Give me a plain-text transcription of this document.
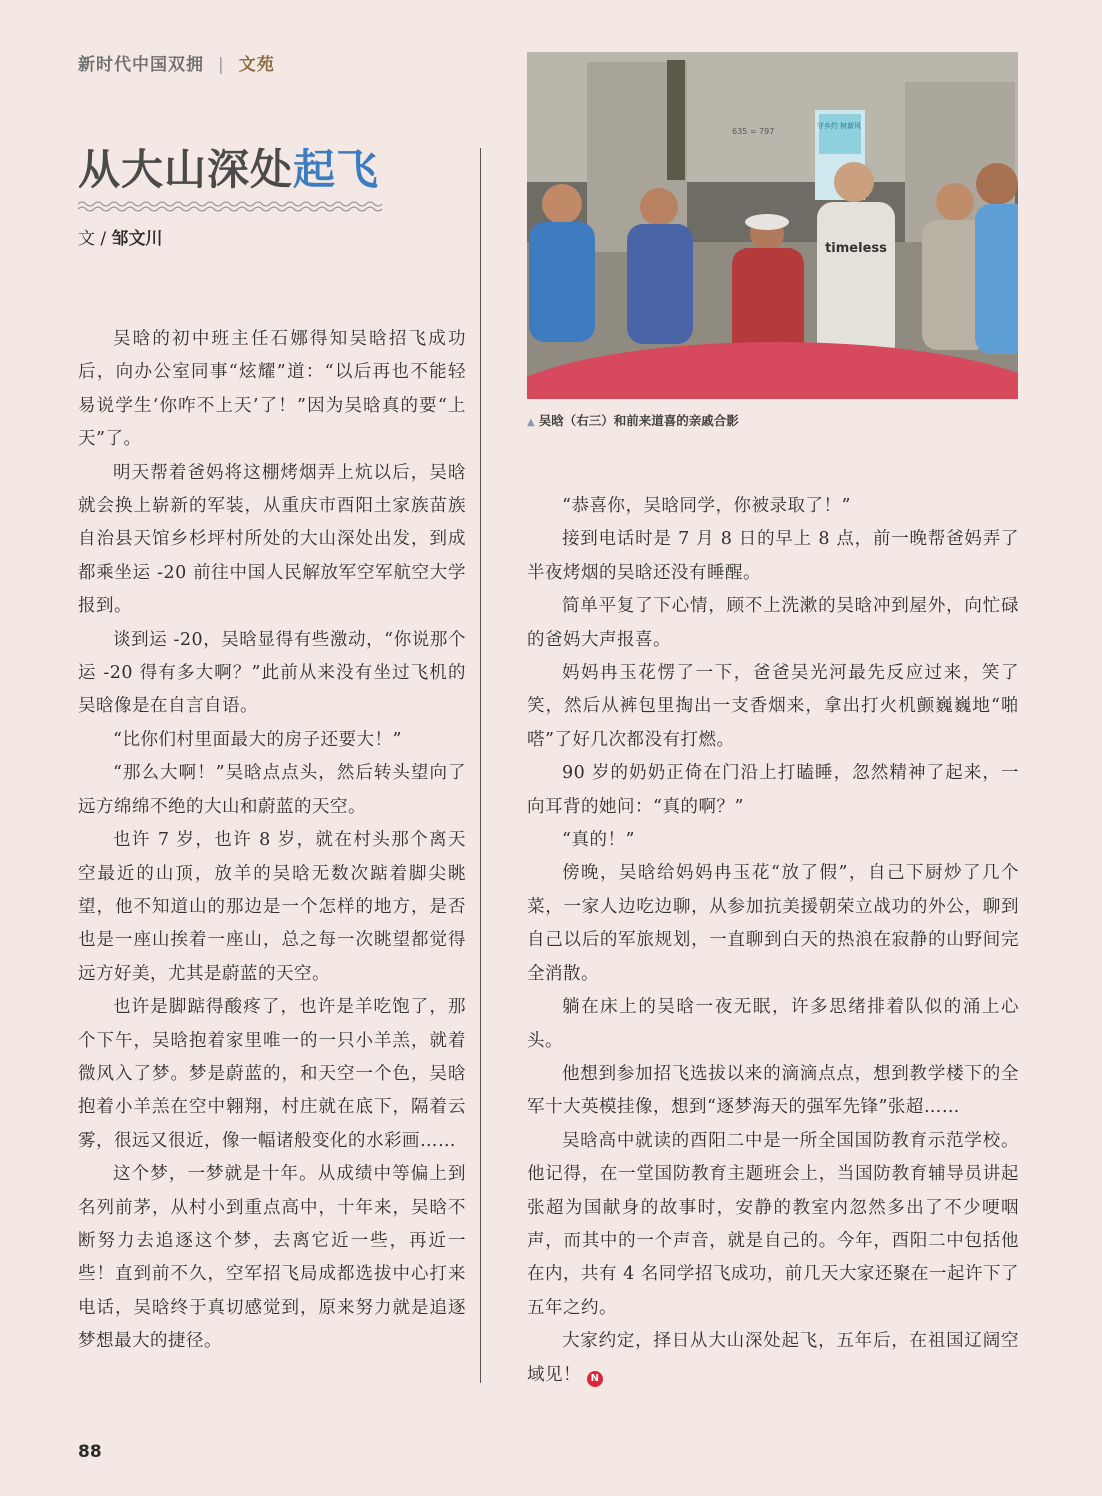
新时代中国双拥 | 文苑
从大山深处起飞
文 / 邹文川

吴晗的初中班主任石娜得知吴晗招飞成功后，向办公室同事“炫耀”道：“以后再也不能轻易说学生‘你咋不上天’了！”因为吴晗真的要“上天”了。

明天帮着爸妈将这棚烤烟弄上炕以后，吴晗就会换上崭新的军装，从重庆市酉阳土家族苗族自治县天馆乡杉坪村所处的大山深处出发，到成都乘坐运 -20 前往中国人民解放军空军航空大学报到。

谈到运 -20，吴晗显得有些激动，“你说那个运 -20 得有多大啊？”此前从来没有坐过飞机的吴晗像是在自言自语。

“比你们村里面最大的房子还要大！”

“那么大啊！”吴晗点点头，然后转头望向了远方绵绵不绝的大山和蔚蓝的天空。

也许 7 岁，也许 8 岁，就在村头那个离天空最近的山顶，放羊的吴晗无数次踮着脚尖眺望，他不知道山的那边是一个怎样的地方，是否也是一座山挨着一座山，总之每一次眺望都觉得远方好美，尤其是蔚蓝的天空。

也许是脚踮得酸疼了，也许是羊吃饱了，那个下午，吴晗抱着家里唯一的一只小羊羔，就着微风入了梦。梦是蔚蓝的，和天空一个色，吴晗抱着小羊羔在空中翱翔，村庄就在底下，隔着云雾，很远又很近，像一幅诸般变化的水彩画……

这个梦，一梦就是十年。从成绩中等偏上到名列前茅，从村小到重点高中，十年来，吴晗不断努力去追逐这个梦，去离它近一些，再近一些！直到前不久，空军招飞局成都选拔中心打来电话，吴晗终于真切感觉到，原来努力就是追逐梦想最大的捷径。

守乡约 树新风
635 = 797
timeless
▲ 吴晗（右三）和前来道喜的亲戚合影

“恭喜你，吴晗同学，你被录取了！”

接到电话时是 7 月 8 日的早上 8 点，前一晚帮爸妈弄了半夜烤烟的吴晗还没有睡醒。

简单平复了下心情，顾不上洗漱的吴晗冲到屋外，向忙碌的爸妈大声报喜。

妈妈冉玉花愣了一下，爸爸吴光河最先反应过来，笑了笑，然后从裤包里掏出一支香烟来，拿出打火机颤巍巍地“啪嗒”了好几次都没有打燃。

90 岁的奶奶正倚在门沿上打瞌睡，忽然精神了起来，一向耳背的她问：“真的啊？”

“真的！”

傍晚，吴晗给妈妈冉玉花“放了假”，自己下厨炒了几个菜，一家人边吃边聊，从参加抗美援朝荣立战功的外公，聊到自己以后的军旅规划，一直聊到白天的热浪在寂静的山野间完全消散。

躺在床上的吴晗一夜无眠，许多思绪排着队似的涌上心头。

他想到参加招飞选拔以来的滴滴点点，想到教学楼下的全军十大英模挂像，想到“逐梦海天的强军先锋”张超……

吴晗高中就读的酉阳二中是一所全国国防教育示范学校。他记得，在一堂国防教育主题班会上，当国防教育辅导员讲起张超为国献身的故事时，安静的教室内忽然多出了不少哽咽声，而其中的一个声音，就是自己的。今年，酉阳二中包括他在内，共有 4 名同学招飞成功，前几天大家还聚在一起许下了五年之约。

大家约定，择日从大山深处起飞，五年后，在祖国辽阔空域见！ N

88
